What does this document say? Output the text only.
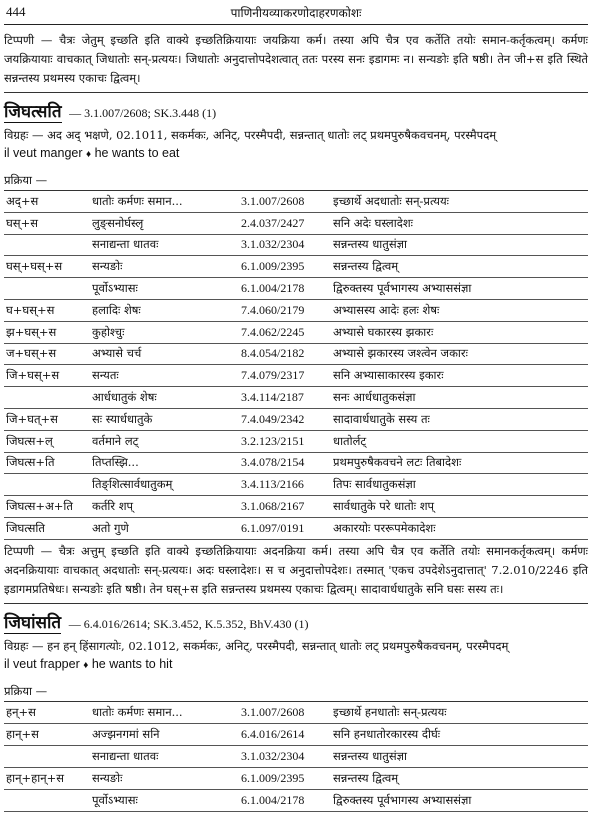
444	पाणिनीयव्याकरणोदाहरणकोशः
टिप्पणी — चैत्रः जेतुम् इच्छति इति वाक्ये इच्छतिक्रियायाः जयक्रिया कर्म। तस्या अपि चैत्र एव कर्तेति तयोः समान-कर्तृकत्वम्। कर्मणः जयक्रियायाः वाचकात् जिधातोः सन्-प्रत्ययः। जिधातोः अनुदात्तोपदेशत्वात् ततः परस्य सनः इडागमः न। सन्यङोः इति षष्ठी। तेन जी+स इति स्थिते सन्नन्तस्य प्रथमस्य एकाचः द्वित्वम्।
जिघत्सति — 3.1.007/2608; SK.3.448 (1)
विग्रहः — अद अद् भक्षणे, 02.1011, सकर्मकः, अनिट्, परस्मैपदी, सन्नन्तात् धातोः लट् प्रथमपुरुषैकवचनम्, परस्मैपदम्
il veut manger ♦ he wants to eat
प्रक्रिया —
अद्+स	धातोः कर्मणः समान...	3.1.007/2608	इच्छार्थे अदधातोः सन्-प्रत्ययः
घस्+स	लुङ्सनोर्घस्लृ	2.4.037/2427	सनि अदेः घस्लादेशः
	सनाद्यन्ता धातवः	3.1.032/2304	सन्नन्तस्य धातुसंज्ञा
घस्+घस्+स	सन्यङोः	6.1.009/2395	सन्नन्तस्य द्वित्वम्
	पूर्वोऽभ्यासः	6.1.004/2178	द्विरुक्तस्य पूर्वभागस्य अभ्याससंज्ञा
घ+घस्+स	हलादिः शेषः	7.4.060/2179	अभ्यासस्य आदेः हलः शेषः
झ+घस्+स	कुहोश्चुः	7.4.062/2245	अभ्यासे घकारस्य झकारः
ज+घस्+स	अभ्यासे चर्च	8.4.054/2182	अभ्यासे झकारस्य जश्त्वेन जकारः
जि+घस्+स	सन्यतः	7.4.079/2317	सनि अभ्यासाकारस्य इकारः
	आर्धधातुकं शेषः	3.4.114/2187	सनः आर्धधातुकसंज्ञा
जि+घत्+स	सः स्यार्धधातुके	7.4.049/2342	सादावार्धधातुके सस्य तः
जिघत्स+ल्	वर्तमाने लट्	3.2.123/2151	धातोर्लट्
जिघत्स+ति	तिप्तस्झि...	3.4.078/2154	प्रथमपुरुषैकवचने लटः तिबादेशः
	तिङ्शित्सार्वधातुकम्	3.4.113/2166	तिपः सार्वधातुकसंज्ञा
जिघत्स+अ+ति	कर्तरि शप्	3.1.068/2167	सार्वधातुके परे धातोः शप्
जिघत्सति	अतो गुणे	6.1.097/0191	अकारयोः पररूपमेकादेशः
टिप्पणी — चैत्रः अत्तुम् इच्छति इति वाक्ये इच्छतिक्रियायाः अदनक्रिया कर्म। तस्या अपि चैत्र एव कर्तेति तयोः समानकर्तृकत्वम्। कर्मणः अदनक्रियायाः वाचकात् अदधातोः सन्-प्रत्ययः। अदः घस्लादेशः। स च अनुदात्तोपदेशः। तस्मात् 'एकच उपदेशेऽनुदात्तात्' 7.2.010/2246 इति इडागमप्रतिषेधः। सन्यङोः इति षष्ठी। तेन घस्+स इति सन्नन्तस्य प्रथमस्य एकाचः द्वित्वम्। सादावार्धधातुके सनि घसः सस्य तः।
जिघांसति — 6.4.016/2614; SK.3.452, K.5.352, BhV.430 (1)
विग्रहः — हन हन् हिंसागत्योः, 02.1012, सकर्मकः, अनिट्, परस्मैपदी, सन्नन्तात् धातोः लट् प्रथमपुरुषैकवचनम्, परस्मैपदम्
il veut frapper ♦ he wants to hit
प्रक्रिया —
हन्+स	धातोः कर्मणः समान...	3.1.007/2608	इच्छार्थे हनधातोः सन्-प्रत्ययः
हान्+स	अज्झनगमां सनि	6.4.016/2614	सनि हनधातोरकारस्य दीर्घः
	सनाद्यन्ता धातवः	3.1.032/2304	सन्नन्तस्य धातुसंज्ञा
हान्+हान्+स	सन्यङोः	6.1.009/2395	सन्नन्तस्य द्वित्वम्
	पूर्वोऽभ्यासः	6.1.004/2178	द्विरुक्तस्य पूर्वभागस्य अभ्याससंज्ञा
